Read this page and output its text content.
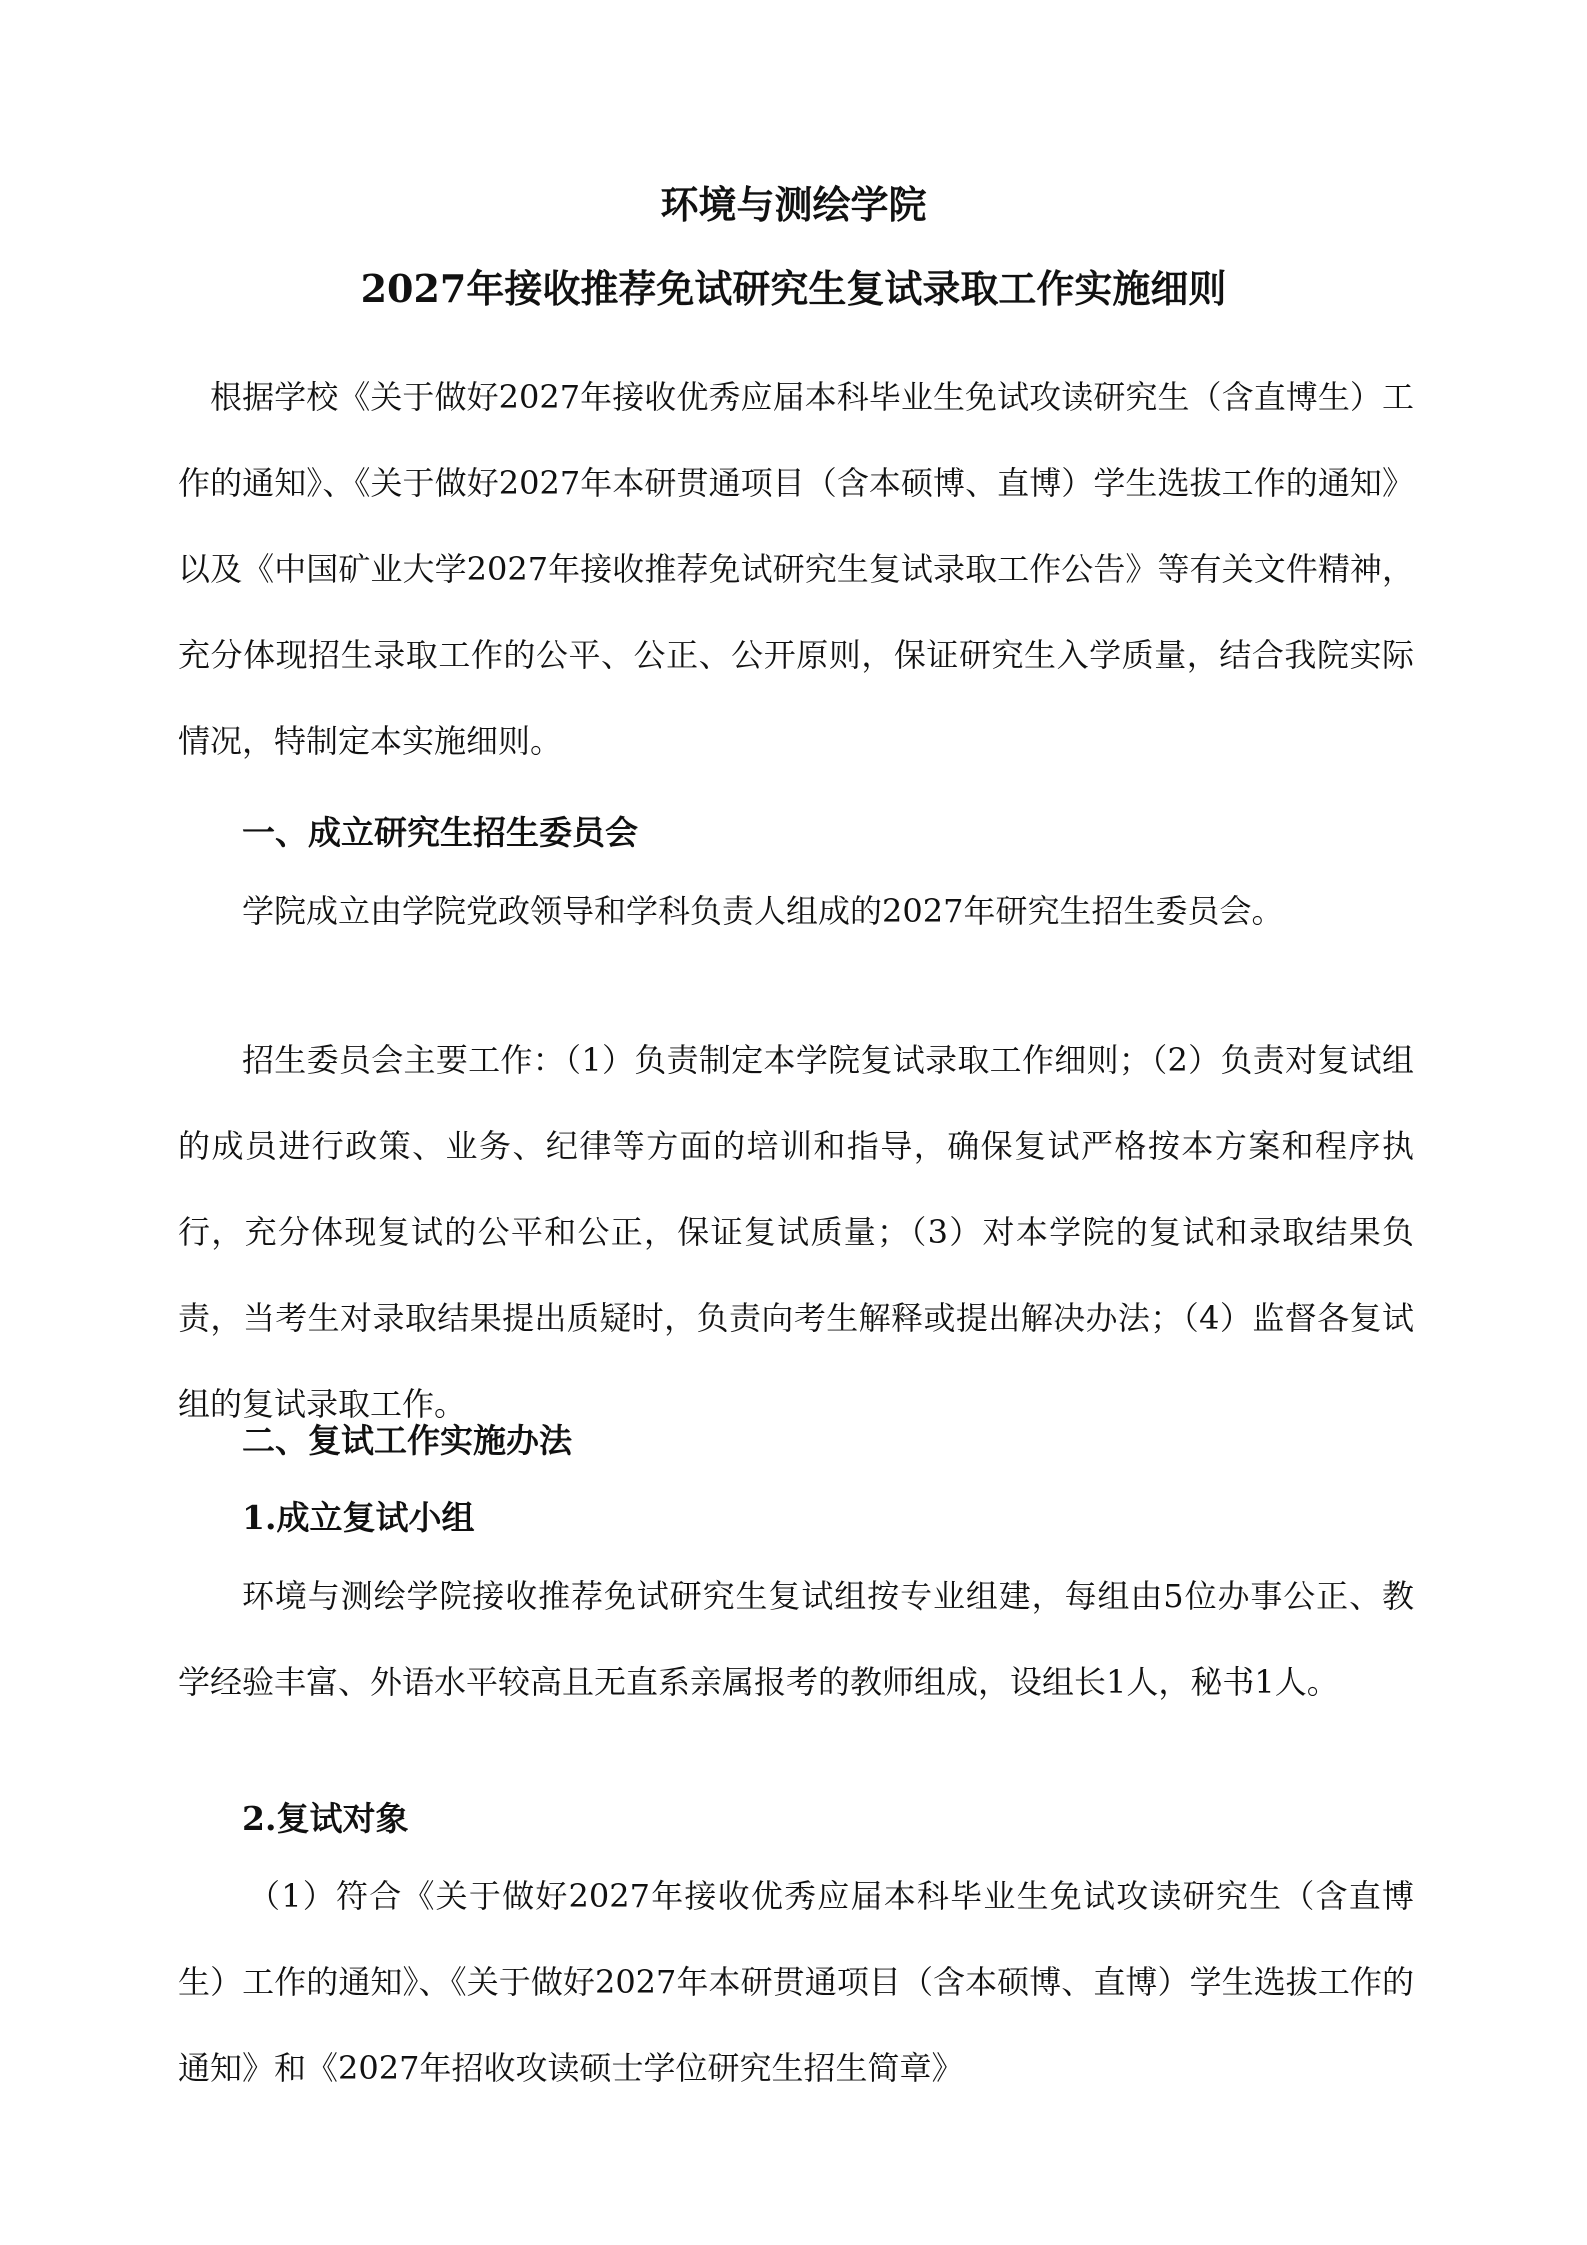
环境与测绘学院
2027年接收推荐免试研究生复试录取工作实施细则

根据学校《关于做好2027年接收优秀应届本科毕业生免试攻读研究生（含直博生）工作的通知》、《关于做好2027年本研贯通项目（含本硕博、直博）学生选拔工作的通知》以及《中国矿业大学2027年接收推荐免试研究生复试录取工作公告》等有关文件精神，充分体现招生录取工作的公平、公正、公开原则，保证研究生入学质量，结合我院实际情况，特制定本实施细则。

一、成立研究生招生委员会

学院成立由学院党政领导和学科负责人组成的2027年研究生招生委员会。

招生委员会主要工作：（1）负责制定本学院复试录取工作细则；（2）负责对复试组的成员进行政策、业务、纪律等方面的培训和指导，确保复试严格按本方案和程序执行，充分体现复试的公平和公正，保证复试质量；（3）对本学院的复试和录取结果负责，当考生对录取结果提出质疑时，负责向考生解释或提出解决办法；（4）监督各复试组的复试录取工作。

二、复试工作实施办法
1.成立复试小组

环境与测绘学院接收推荐免试研究生复试组按专业组建，每组由5位办事公正、教学经验丰富、外语水平较高且无直系亲属报考的教师组成，设组长1人，秘书1人。

2.复试对象

（1）符合《关于做好2027年接收优秀应届本科毕业生免试攻读研究生（含直博生）工作的通知》、《关于做好2027年本研贯通项目（含本硕博、直博）学生选拔工作的通知》和《2027年招收攻读硕士学位研究生招生简章》
